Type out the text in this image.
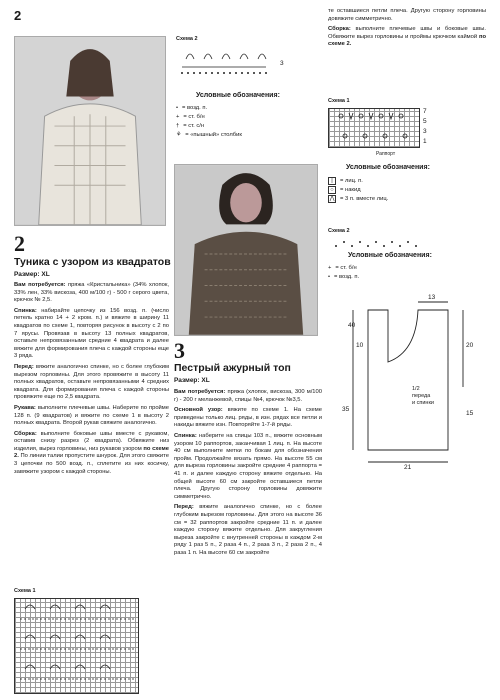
2
2
Туника с узором из квадратов
Размер: XL

Вам потребуется: пряжа «Кристальника» (34% хлопок, 33% лен, 33% вискоза, 400 м/100 г) - 500 г серого цвета, крючок № 2,5.

Спинка: набирайте цепочку из 156 возд. п. (число петель кратно 14 + 2 кром. п.) и вяжите в ширину 11 квадратов по схеме 1, повторяя рисунок в высоту с 2 по 7 ярусы. Провязав в высоту 13 полных квадратов, оставьте непровязанными средние 4 квадрата и далее вяжите для формирования плеча с каждой стороны еще 3 ряда.

Перед: вяжите аналогично спинке, но с более глубоким вырезом горловины. Для этого провяжите в высоту 11 полных квадратов, оставьте непровязанными 4 средних квадрата. Для формирования плеча с каждой стороны провяжите еще по 2,5 квадрата.

Рукава: выполните плечевые швы. Наберите по пройме 128 п. (9 квадратов) и вяжите по схеме 1 в высоту 2 полных квадрата. Второй рукав свяжите аналогично.

Сборка: выполните боковые швы вместе с рукавом, оставив снизу разрез (2 квадрата). Обвяжите низ изделия, вырез горловины, низ рукавов узором по схеме 2. По линии талии пропустите шнурок. Для этого свяжите 3 цепочки по 500 возд. п., сплетите из них косичку, завяжите узором с каждой стороны.

Схема 1
Схема 2
3
Условные обозначения:
• = возд. п.
+ = ст. б/н
† = ст. с/н
⚘ = «пышный» столбик
3
Пестрый ажурный топ
Размер: XL

Вам потребуется: пряжа (хлопок, вискоза, 300 м/100 г) - 200 г меланжевой, спицы №4, крючок №3,5.

Основной узор: вяжите по схеме 1. На схеме приведены только лиц. ряды, в изн. рядах все петли и накиды вяжите изн. Повторяйте 1-7-й ряды.

Спинка: наберите на спицы 103 п., вяжите основным узором 10 раппортов, заканчивая 1 лиц. п. На высоте 40 см выполните метки по бокам для обозначения пройм. Продолжайте вязать прямо. На высоте 55 см для выреза горловины закройте средние 4 раппорта = 41 п. и далее каждую сторону вяжите отдельно. На общей высоте 60 см закройте оставшиеся петли плеча. Другую сторону горловины довяжите симметрично.

Перед: вяжите аналогично спинке, но с более глубоким вырезом горловины. Для этого на высоте 36 см = 32 раппортов закройте средние 11 п. и далее каждую сторону вяжите отдельно. Для закругления выреза закройте с внутренней стороны в каждом 2-м ряду 1 раз 5 п., 2 раза 4 п., 2 раза 3 п., 2 раза 2 п., 4 раза 1 п. На высоте 60 см закройте

те оставшиеся петли плеча. Другую сторону горловины довяжите симметрично.

Сборка: выполните плечевые швы и боковые швы. Обвяжите вырез горловины и проймы крючком каймой по схеме 2.

Схема 1
7
5
3
1
Раппорт
Условные обозначения:
|	= лиц. п.
○	= накид
⋀ = 3 п. вместе лиц.
Схема 2
Условные обозначения:
+ = ст. б/н
• = возд. п.
13
40
10	20
35
15
21
1/2
переда
и спинки
